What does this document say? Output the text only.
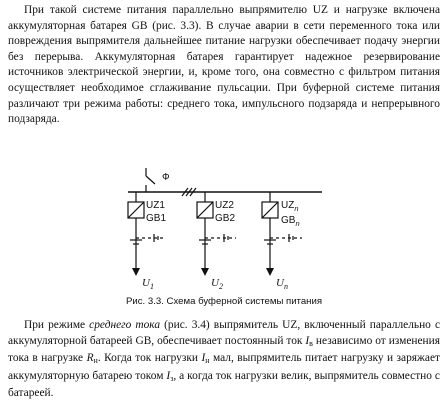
При такой системе питания параллельно выпрямителю UZ и нагрузке включена аккумуляторная батарея GB (рис. 3.3). В случае аварии в сети переменного тока или повреждения выпрямителя дальнейшее питание нагрузки обеспечивает подачу энергии без перерыва. Аккумуляторная батарея гарантирует надежное резервирование источников электрической энергии, и, кроме того, она совместно с фильтром питания осуществляет необходимое сглаживание пульсации. При буферной системе питания различают три режима работы: среднего тока, импульсного подзаряда и непрерывного подзаряда.

Ф
UZ1
GB1
$U_1$
UZ2
GB2
$U_2$
$UZ_n$
$GB_n$
$U_n$
Рис. 3.3. Схема буферной системы питания

При режиме среднего тока (рис. 3.4) выпрямитель UZ, включенный параллельно с аккумуляторной батареей GB, обеспечивает постоянный ток $I_в$ независимо от изменения тока в нагрузке $R_н$. Когда ток нагрузки $I_н$ мал, выпрямитель питает нагрузку и заряжает аккумуляторную батарею током $I_з$, а когда ток нагрузки велик, выпрямитель совместно с батареей.
